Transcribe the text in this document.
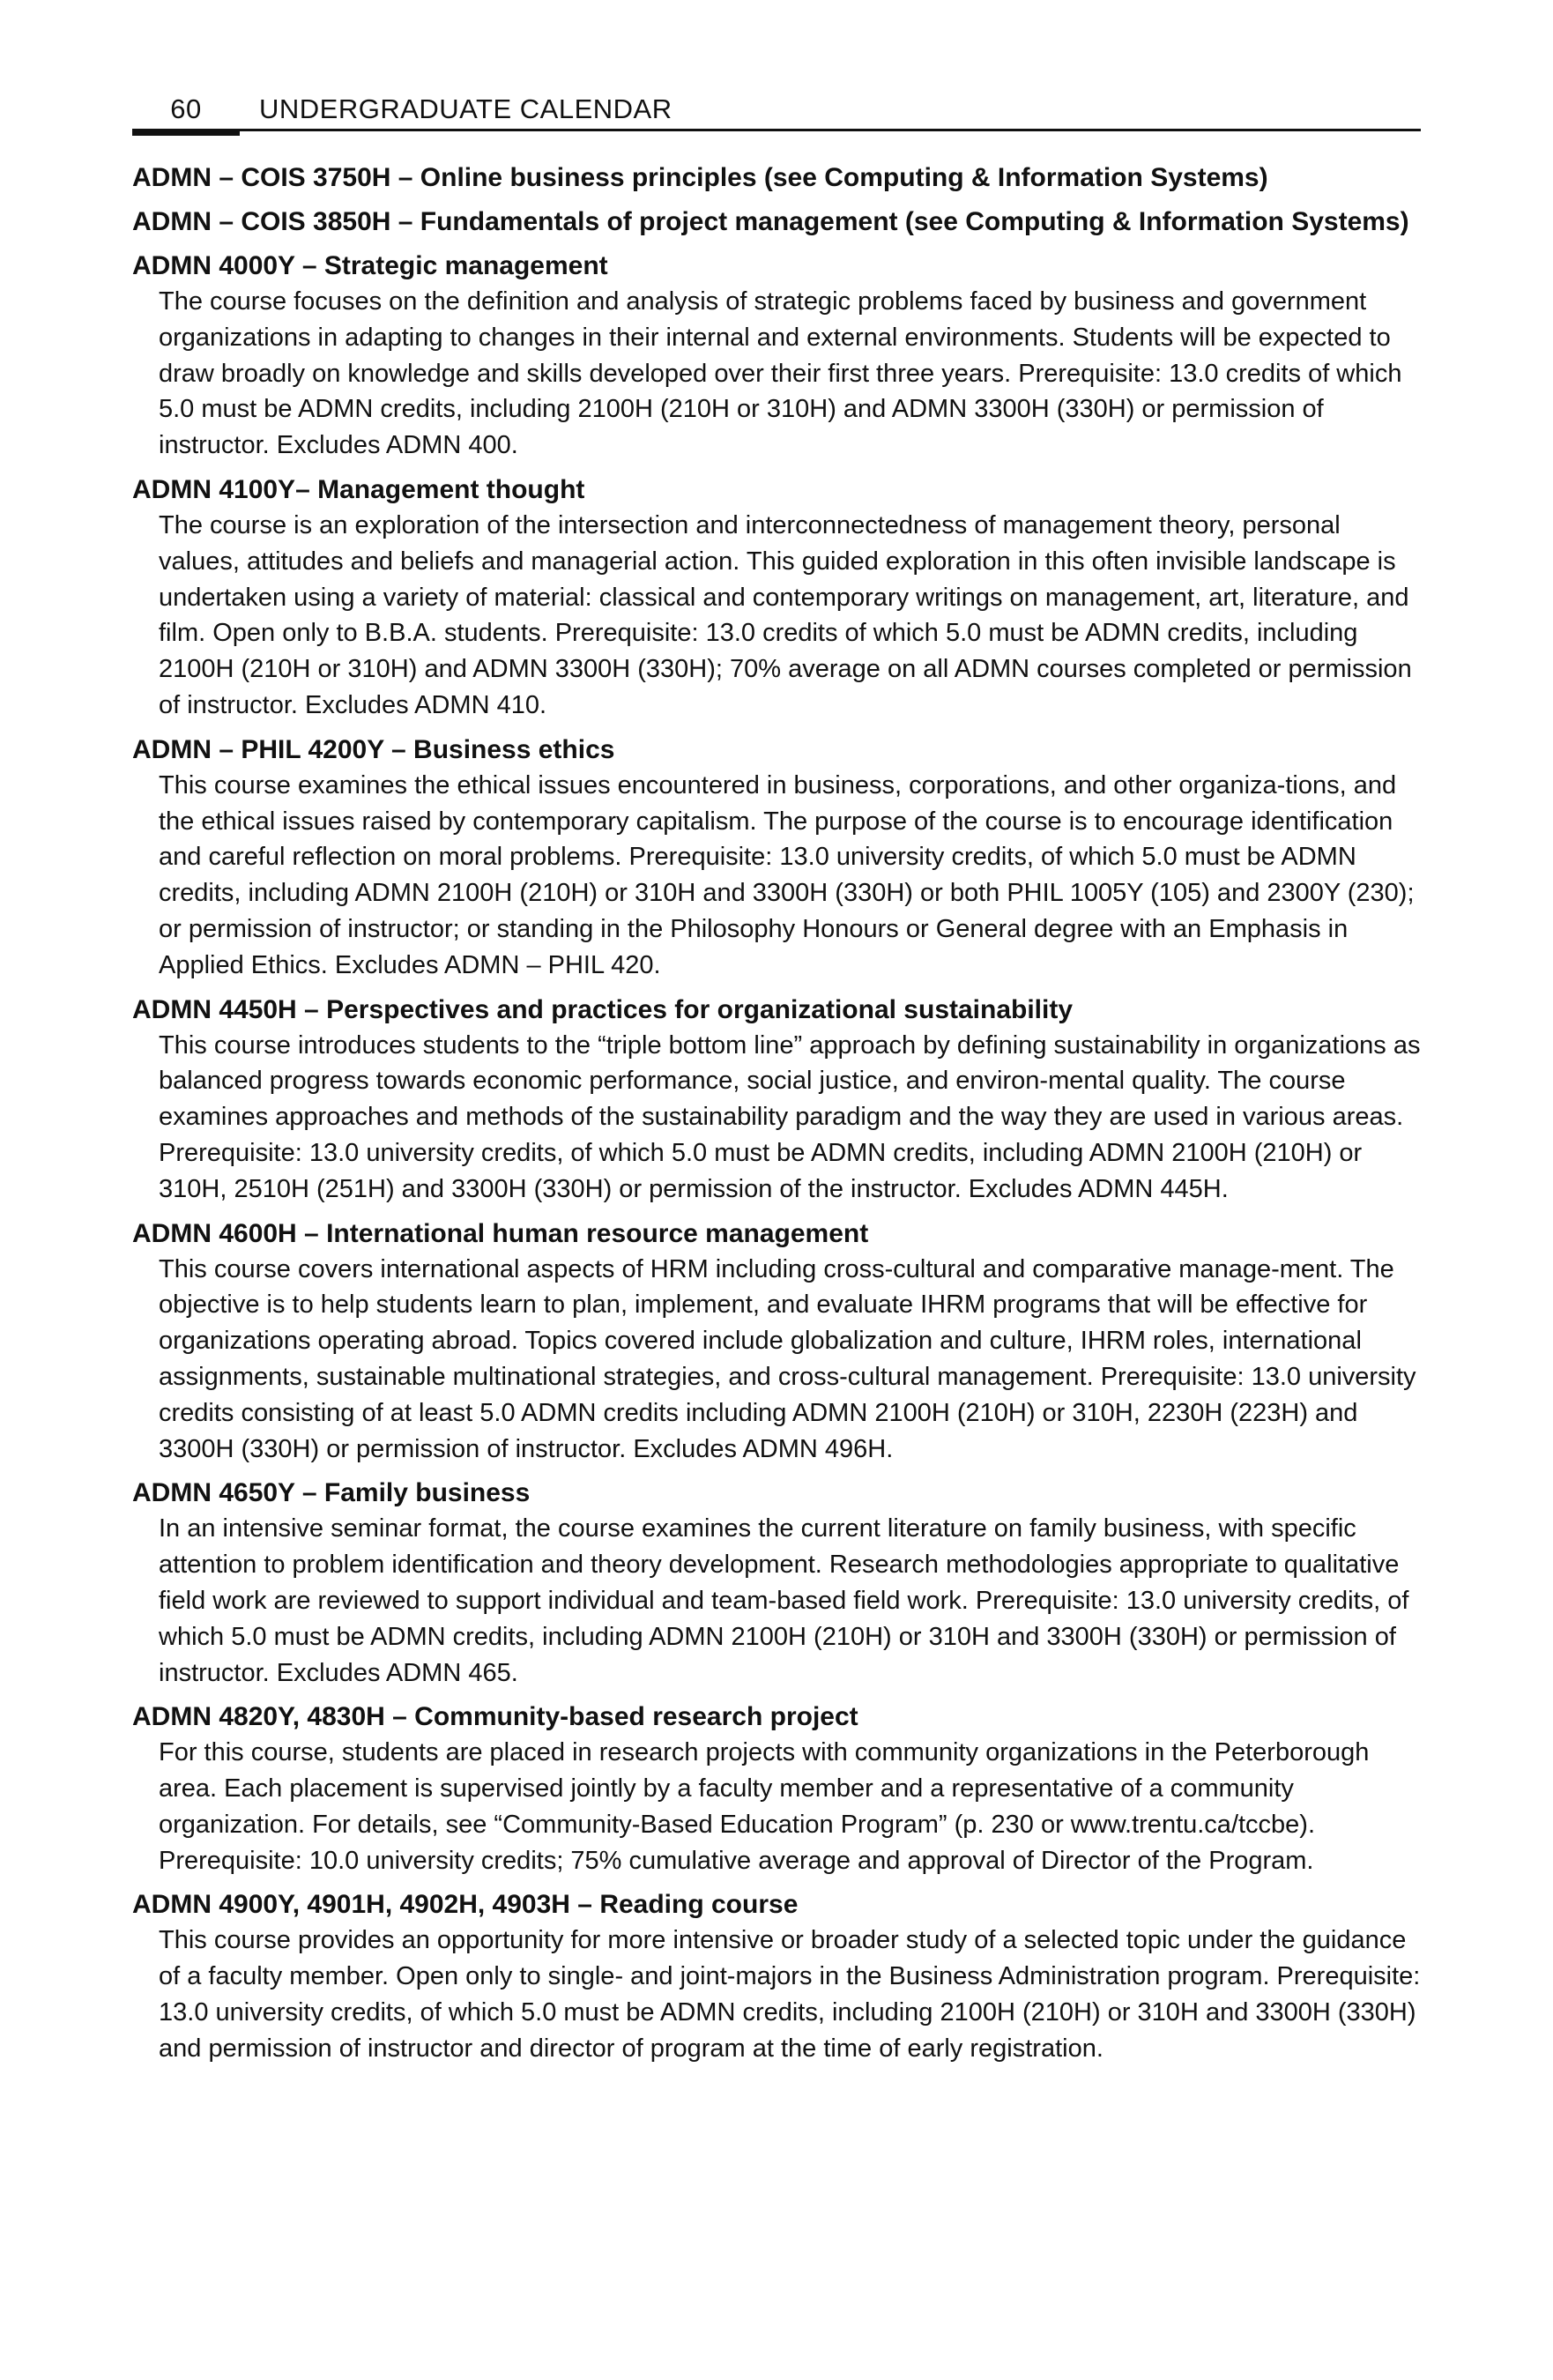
60	UNDERGRADUATE CALENDAR
ADMN – COIS 3750H – Online business principles (see Computing & Information Systems)
ADMN – COIS 3850H – Fundamentals of project management (see Computing & Information Systems)
ADMN 4000Y – Strategic management
The course focuses on the definition and analysis of strategic problems faced by business and government organizations in adapting to changes in their internal and external environments. Students will be expected to draw broadly on knowledge and skills developed over their first three years. Prerequisite: 13.0 credits of which 5.0 must be ADMN credits, including 2100H (210H or 310H) and ADMN 3300H (330H) or permission of instructor. Excludes ADMN 400.
ADMN 4100Y– Management thought
The course is an exploration of the intersection and interconnectedness of management theory, personal values, attitudes and beliefs and managerial action. This guided exploration in this often invisible landscape is undertaken using a variety of material: classical and contemporary writings on management, art, literature, and film. Open only to B.B.A. students. Prerequisite: 13.0 credits of which 5.0 must be ADMN credits, including 2100H (210H or 310H) and ADMN 3300H (330H); 70% average on all ADMN courses completed or permission of instructor. Excludes ADMN 410.
ADMN – PHIL 4200Y – Business ethics
This course examines the ethical issues encountered in business, corporations, and other organiza-tions, and the ethical issues raised by contemporary capitalism. The purpose of the course is to encourage identification and careful reflection on moral problems. Prerequisite: 13.0 university credits, of which 5.0 must be ADMN credits, including ADMN 2100H (210H) or 310H and 3300H (330H) or both PHIL 1005Y (105) and 2300Y (230); or permission of instructor; or standing in the Philosophy Honours or General degree with an Emphasis in Applied Ethics. Excludes ADMN – PHIL 420.
ADMN 4450H – Perspectives and practices for organizational sustainability
This course introduces students to the “triple bottom line” approach by defining sustainability in organizations as balanced progress towards economic performance, social justice, and environ-mental quality. The course examines approaches and methods of the sustainability paradigm and the way they are used in various areas. Prerequisite: 13.0 university credits, of which 5.0 must be ADMN credits, including ADMN 2100H (210H) or 310H, 2510H (251H) and 3300H (330H) or permission of the instructor. Excludes ADMN 445H.
ADMN 4600H – International human resource management
This course covers international aspects of HRM including cross-cultural and comparative manage-ment. The objective is to help students learn to plan, implement, and evaluate IHRM programs that will be effective for organizations operating abroad. Topics covered include globalization and culture, IHRM roles, international assignments, sustainable multinational strategies, and cross-cultural management. Prerequisite: 13.0 university credits consisting of at least 5.0 ADMN credits including ADMN 2100H (210H) or 310H, 2230H (223H) and 3300H (330H) or permission of instructor. Excludes ADMN 496H.
ADMN 4650Y – Family business
In an intensive seminar format, the course examines the current literature on family business, with specific attention to problem identification and theory development. Research methodologies appropriate to qualitative field work are reviewed to support individual and team-based field work. Prerequisite: 13.0 university credits, of which 5.0 must be ADMN credits, including ADMN 2100H (210H) or 310H and 3300H (330H) or permission of instructor. Excludes ADMN 465.
ADMN 4820Y, 4830H – Community-based research project
For this course, students are placed in research projects with community organizations in the Peterborough area. Each placement is supervised jointly by a faculty member and a representative of a community organization. For details, see “Community-Based Education Program” (p. 230 or www.trentu.ca/tccbe). Prerequisite: 10.0 university credits; 75% cumulative average and approval of Director of the Program.
ADMN 4900Y, 4901H, 4902H, 4903H – Reading course
This course provides an opportunity for more intensive or broader study of a selected topic under the guidance of a faculty member. Open only to single- and joint-majors in the Business Administration program. Prerequisite: 13.0 university credits, of which 5.0 must be ADMN credits, including 2100H (210H) or 310H and 3300H (330H) and permission of instructor and director of program at the time of early registration.
